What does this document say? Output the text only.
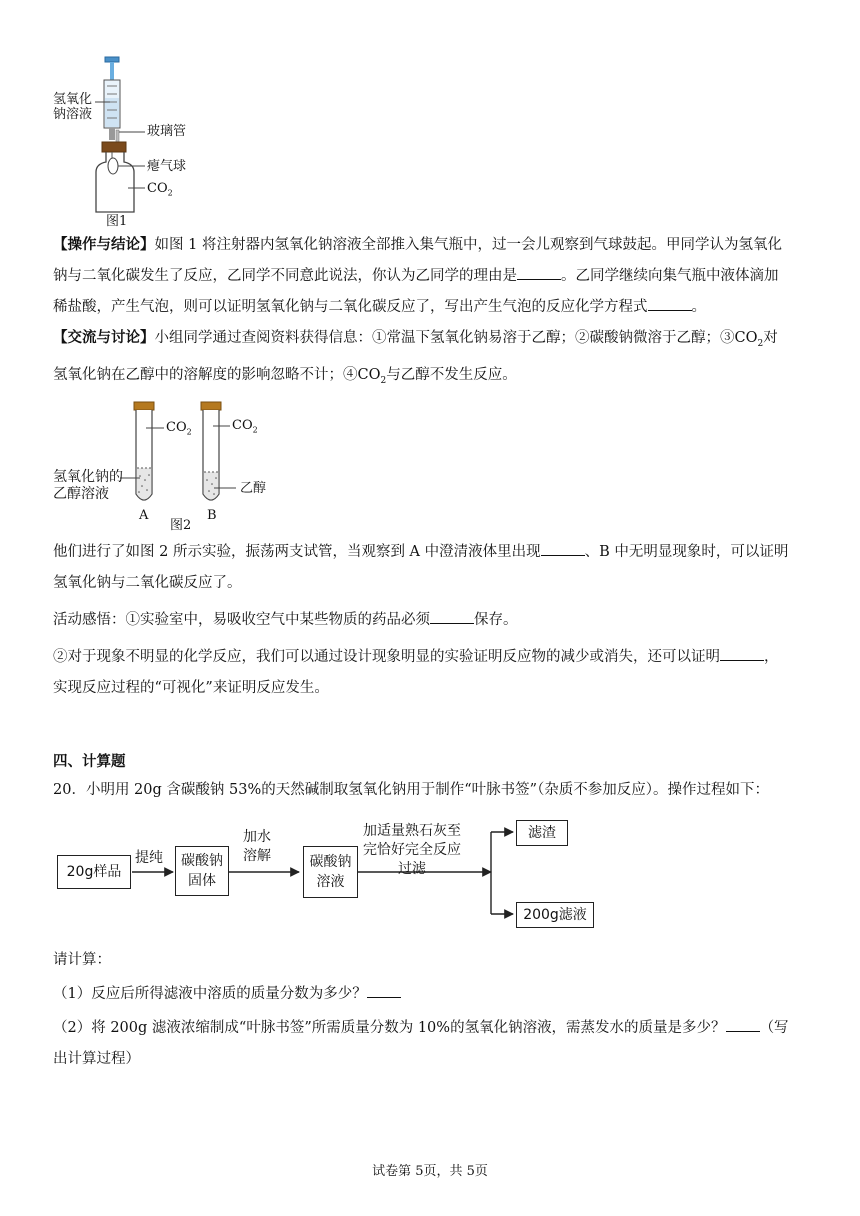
氢氧化
钠溶液
玻璃管
瘪气球
$CO_2$
图1
【操作与结论】如图 1 将注射器内氢氧化钠溶液全部推入集气瓶中，过一会儿观察到气球鼓起。甲同学认为氢氧化
钠与二氧化碳发生了反应，乙同学不同意此说法，你认为乙同学的理由是	。乙同学继续向集气瓶中液体滴加
稀盐酸，产生气泡，则可以证明氢氧化钠与二氧化碳反应了，写出产生气泡的反应化学方程式	。
【交流与讨论】小组同学通过查阅资料获得信息：①常温下氢氧化钠易溶于乙醇；②碳酸钠微溶于乙醇；$③CO_2$对
氢氧化钠在乙醇中的溶解度的影响忽略不计；$④CO_2$与乙醇不发生反应。
$CO_2$	$CO_2$
氢氧化钠的
乙醇溶液	乙醇
A	B
图2
他们进行了如图 2 所示实验，振荡两支试管，当观察到 A 中澄清液体里出现	、B 中无明显现象时，可以证明
氢氧化钠与二氧化碳反应了。
活动感悟：①实验室中，易吸收空气中某些物质的药品必须	保存。
②对于现象不明显的化学反应，我们可以通过设计现象明显的实验证明反应物的减少或消失，还可以证明	，
实现反应过程的“可视化”来证明反应发生。
四、计算题
20．小明用 20g 含碳酸钠 53%的天然碱制取氢氧化钠用于制作“叶脉书签”（杂质不参加反应）。操作过程如下：
20g样品
提纯	碳酸钠
固体
加水
溶解	碳酸钠
溶液
加适量熟石灰至
完恰好完全反应
过滤
滤渣
200g滤液
请计算：
（1）反应后所得滤液中溶质的质量分数为多少？
（2）将 200g 滤液浓缩制成“叶脉书签”所需质量分数为 10%的氢氧化钠溶液，需蒸发水的质量是多少？ （写
出计算过程）
试卷第 5页，共 5页
